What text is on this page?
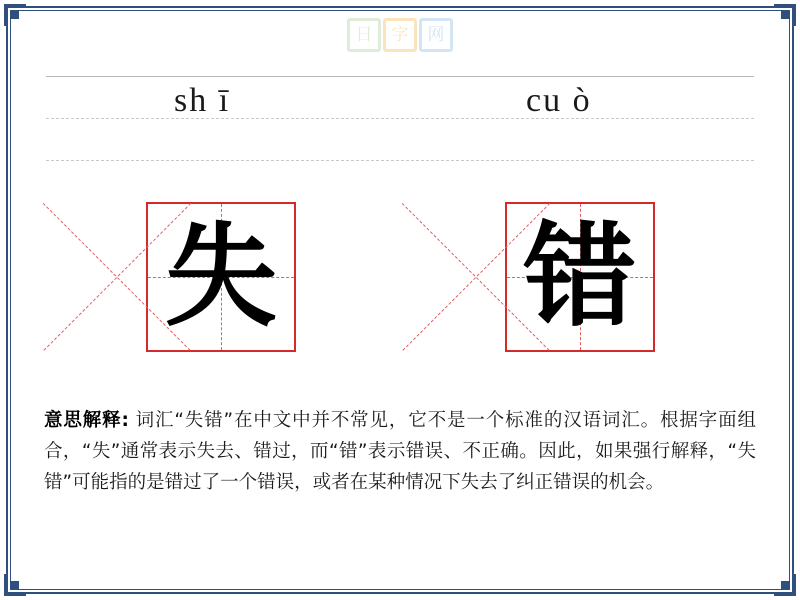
日	字	网
sh ī	cu ò
失 错
意思解释: 词汇“失错”在中文中并不常见，它不是一个标准的汉语词汇。根据字面组合，“失”通常表示失去、错过，而“错”表示错误、不正确。因此，如果强行解释，“失错”可能指的是错过了一个错误，或者在某种情况下失去了纠正错误的机会。
